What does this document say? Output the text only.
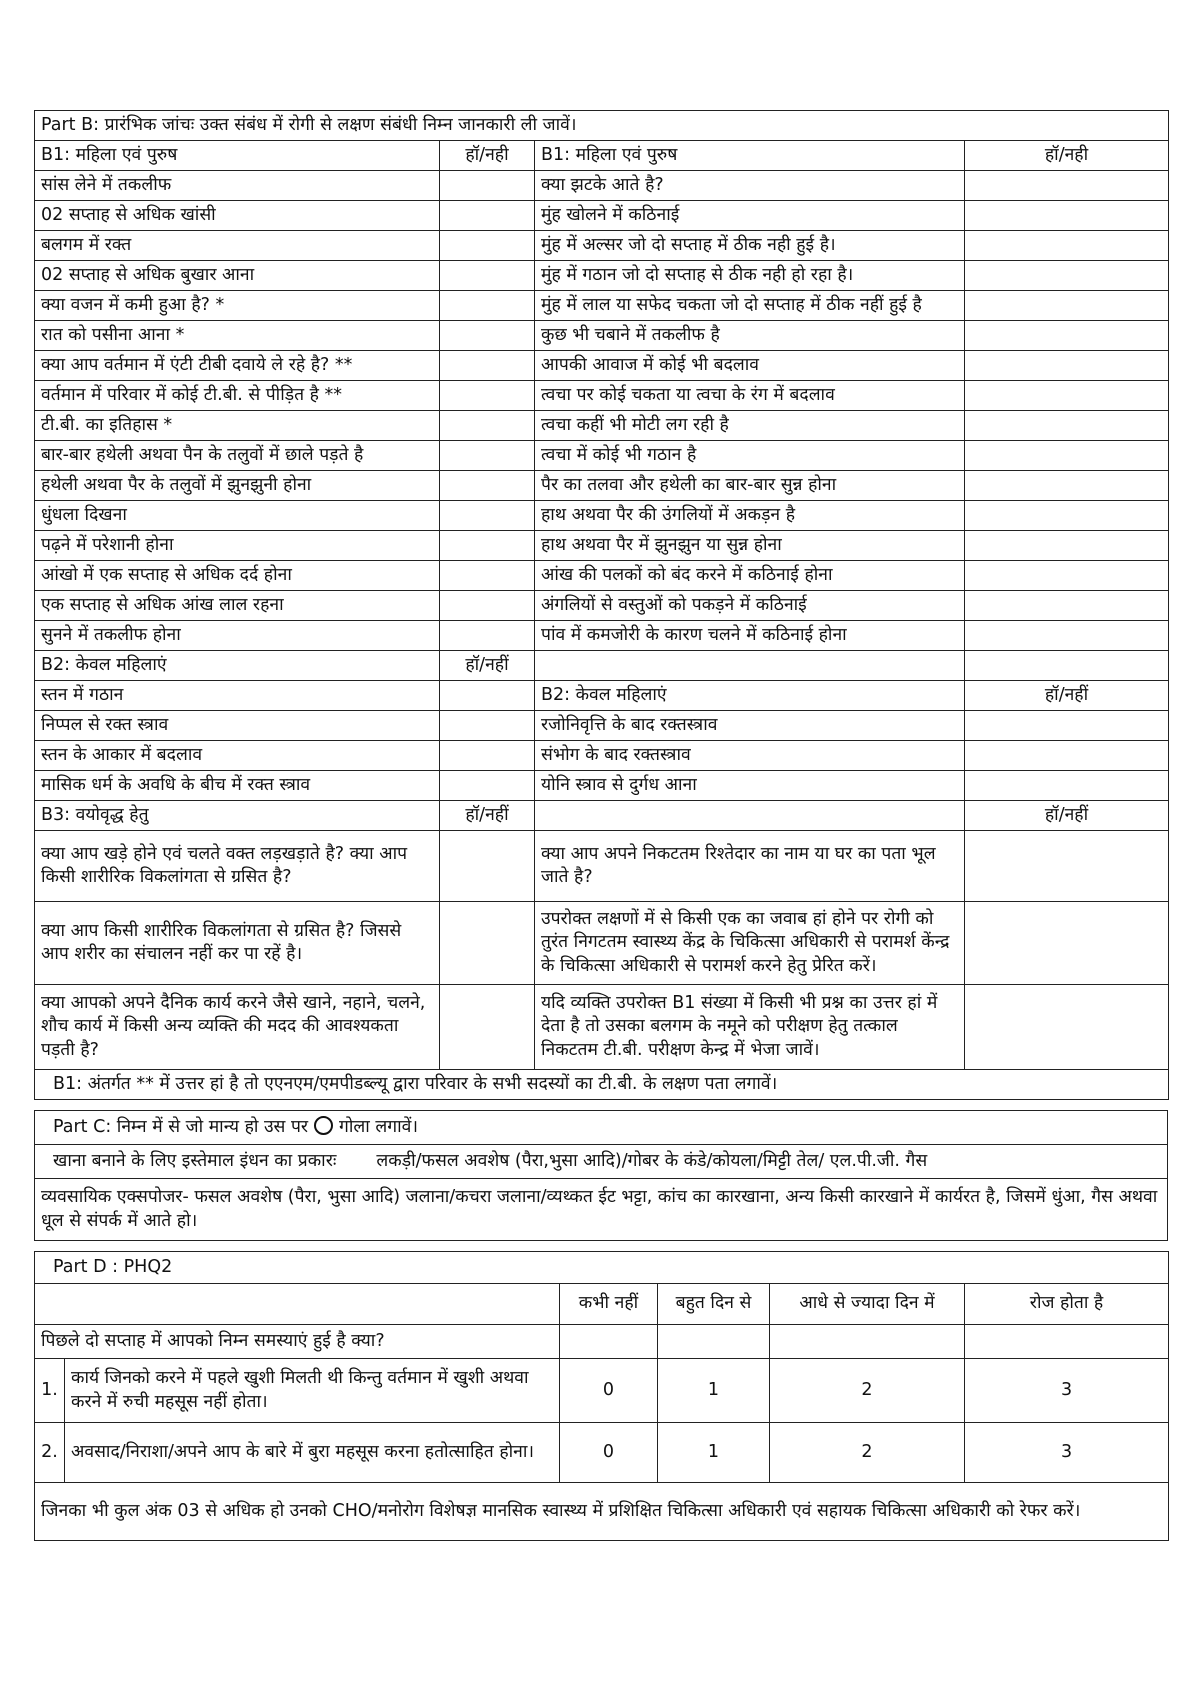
Part B: प्रारंभिक जांचः उक्त संबंध में रोगी से लक्षण संबंधी निम्न जानकारी ली जावें।			
B1: महिला एवं पुरुष	हॉ/नही	B1: महिला एवं पुरुष	हॉ/नही
सांस लेने में तकलीफ		क्या झटके आते है?	
02 सप्ताह से अधिक खांसी		मुंह खोलने में कठिनाई	
बलगम में रक्त		मुंह में अल्सर जो दो सप्ताह में ठीक नही हुई है।	
02 सप्ताह से अधिक बुखार आना		मुंह में गठान जो दो सप्ताह से ठीक नही हो रहा है।	
क्या वजन में कमी हुआ है? *		मुंह में लाल या सफेद चकता जो दो सप्ताह में ठीक नहीं हुई है	
रात को पसीना आना *		कुछ भी चबाने में तकलीफ है	
क्या आप वर्तमान में एंटी टीबी दवाये ले रहे है? **		आपकी आवाज में कोई भी बदलाव	
वर्तमान में परिवार में कोई टी.बी. से पीड़ित है **		त्वचा पर कोई चकता या त्वचा के रंग में बदलाव	
टी.बी. का इतिहास *		त्वचा कहीं भी मोटी लग रही है	
बार-बार हथेली अथवा पैन के तलुवों में छाले पड़ते है		त्वचा में कोई भी गठान है	
हथेली अथवा पैर के तलुवों में झुनझुनी होना		पैर का तलवा और हथेली का बार-बार सुन्न होना	
धुंधला दिखना		हाथ अथवा पैर की उंगलियों में अकड़न है	
पढ़ने में परेशानी होना		हाथ अथवा पैर में झुनझुन या सुन्न होना	
आंखो में एक सप्ताह से अधिक दर्द होना		आंख की पलकों को बंद करने में कठिनाई होना	
एक सप्ताह से अधिक आंख लाल रहना		अंगलियों से वस्तुओं को पकड़ने में कठिनाई	
सुनने में तकलीफ होना		पांव में कमजोरी के कारण चलने में कठिनाई होना	
B2: केवल महिलाएं	हॉ/नहीं		
स्तन में गठान		B2: केवल महिलाएं	हॉ/नहीं
निप्पल से रक्त स्त्राव		रजोनिवृत्ति के बाद रक्तस्त्राव	
स्तन के आकार में बदलाव		संभोग के बाद रक्तस्त्राव	
मासिक धर्म के अवधि के बीच में रक्त स्त्राव		योनि स्त्राव से दुर्गध आना	
B3: वयोवृद्ध हेतु	हॉ/नहीं		हॉ/नहीं
क्या आप खड़े होने एवं चलते वक्त लड़खड़ाते है? क्या आप किसी शारीरिक विकलांगता से ग्रसित है?		क्या आप अपने निकटतम रिश्तेदार का नाम या घर का पता भूल जाते है?	
क्या आप किसी शारीरिक विकलांगता से ग्रसित है? जिससे आप शरीर का संचालन नहीं कर पा रहें है।		उपरोक्त लक्षणों में से किसी एक का जवाब हां होने पर रोगी को तुरंत निगटतम स्वास्थ्य केंद्र के चिकित्सा अधिकारी से परामर्श केंन्द्र के चिकित्सा अधिकारी से परामर्श करने हेतु प्रेरित करें।	
क्या आपको अपने दैनिक कार्य करने जैसे खाने, नहाने, चलने, शौच कार्य में किसी अन्य व्यक्ति की मदद की आवश्यकता पड़ती है?		यदि व्यक्ति उपरोक्त B1 संख्या में किसी भी प्रश्न का उत्तर हां में देता है तो उसका बलगम के नमूने को परीक्षण हेतु तत्काल निकटतम टी.बी. परीक्षण केन्द्र में भेजा जावें।	
B1: अंतर्गत ** में उत्तर हां है तो एएनएम/एमपीडब्ल्यू द्वारा परिवार के सभी सदस्यों का टी.बी. के लक्षण पता लगावें।			
Part C: निम्न में से जो मान्य हो उस पर गोला लगावें।
खाना बनाने के लिए इस्तेमाल इंधन का प्रकारः लकड़ी/फसल अवशेष (पैरा,भुसा आदि)/गोबर के कंडे/कोयला/मिट्टी तेल/ एल.पी.जी. गैस
व्यवसायिक एक्सपोजर- फसल अवशेष (पैरा, भुसा आदि) जलाना/कचरा जलाना/व्यथ्कत ईट भट्टा, कांच का कारखाना, अन्य किसी कारखाने में कार्यरत है, जिसमें धुंआ, गैस अथवा धूल से संपर्क में आते हो।
Part D : PHQ2					
		कभी नहीं	बहुत दिन से	आधे से ज्यादा दिन में	रोज होता है
पिछले दो सप्ताह में आपको निम्न समस्याएं हुई है क्या?					
1.	कार्य जिनको करने में पहले खुशी मिलती थी किन्तु वर्तमान में खुशी अथवा करने में रुची महसूस नहीं होता।	0	1	2	3
2.	अवसाद/निराशा/अपने आप के बारे में बुरा महसूस करना हतोत्साहित होना।	0	1	2	3
जिनका भी कुल अंक 03 से अधिक हो उनको CHO/मनोरोग विशेषज्ञ मानसिक स्वास्थ्य में प्रशिक्षित चिकित्सा अधिकारी एवं सहायक चिकित्सा अधिकारी को रेफर करें।					
